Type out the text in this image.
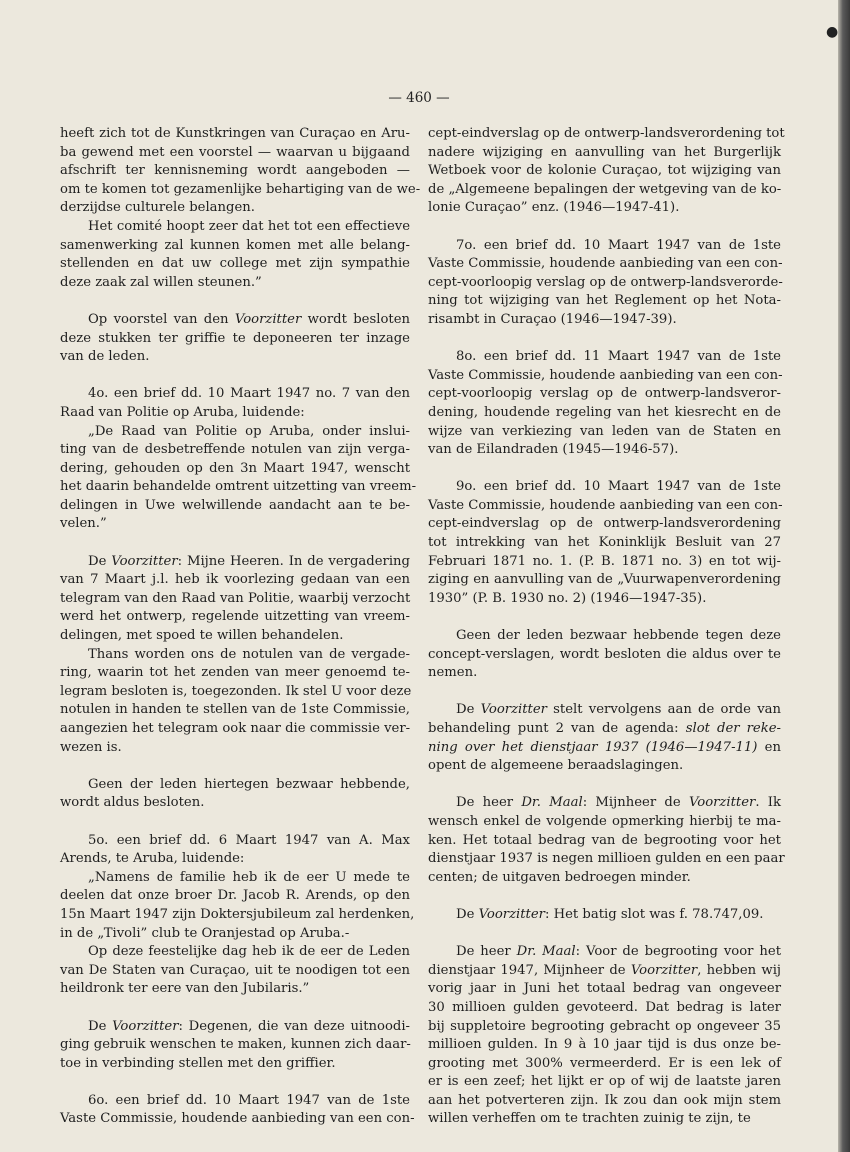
●
— 460 —

heeft zich tot de Kunstkringen van Curaçao en Aru-
ba gewend met een voorstel — waarvan u bijgaand
afschrift ter kennisneming wordt aangeboden —
om te komen tot gezamenlijke behartiging van de we-
derzijdse culturele belangen.

Het comité hoopt zeer dat het tot een effectieve
samenwerking zal kunnen komen met alle belang-
stellenden en dat uw college met zijn sympathie
deze zaak zal willen steunen.”

Op voorstel van den Voorzitter wordt besloten
deze stukken ter griffie te deponeeren ter inzage
van de leden.

4o. een brief dd. 10 Maart 1947 no. 7 van den
Raad van Politie op Aruba, luidende:

„De Raad van Politie op Aruba, onder inslui-
ting van de desbetreffende notulen van zijn verga-
dering, gehouden op den 3n Maart 1947, wenscht
het daarin behandelde omtrent uitzetting van vreem-
delingen in Uwe welwillende aandacht aan te be-
velen.”

De Voorzitter: Mijne Heeren. In de vergadering
van 7 Maart j.l. heb ik voorlezing gedaan van een
telegram van den Raad van Politie, waarbij verzocht
werd het ontwerp, regelende uitzetting van vreem-
delingen, met spoed te willen behandelen.

Thans worden ons de notulen van de vergade-
ring, waarin tot het zenden van meer genoemd te-
legram besloten is, toegezonden. Ik stel U voor deze
notulen in handen te stellen van de 1ste Commissie,
aangezien het telegram ook naar die commissie ver-
wezen is.

Geen der leden hiertegen bezwaar hebbende,
wordt aldus besloten.

5o. een brief dd. 6 Maart 1947 van A. Max
Arends, te Aruba, luidende:

„Namens de familie heb ik de eer U mede te
deelen dat onze broer Dr. Jacob R. Arends, op den
15n Maart 1947 zijn Doktersjubileum zal herdenken,
in de „Tivoli” club te Oranjestad op Aruba.-

Op deze feestelijke dag heb ik de eer de Leden
van De Staten van Curaçao, uit te noodigen tot een
heildronk ter eere van den Jubilaris.”

De Voorzitter: Degenen, die van deze uitnoodi-
ging gebruik wenschen te maken, kunnen zich daar-
toe in verbinding stellen met den griffier.

6o. een brief dd. 10 Maart 1947 van de 1ste
Vaste Commissie, houdende aanbieding van een con-

cept-eindverslag op de ontwerp-landsverordening tot
nadere wijziging en aanvulling van het Burgerlijk
Wetboek voor de kolonie Curaçao, tot wijziging van
de „Algemeene bepalingen der wetgeving van de ko-
lonie Curaçao” enz. (1946—1947-41).

7o. een brief dd. 10 Maart 1947 van de 1ste
Vaste Commissie, houdende aanbieding van een con-
cept-voorloopig verslag op de ontwerp-landsverorde-
ning tot wijziging van het Reglement op het Nota-
risambt in Curaçao (1946—1947-39).

8o. een brief dd. 11 Maart 1947 van de 1ste
Vaste Commissie, houdende aanbieding van een con-
cept-voorloopig verslag op de ontwerp-landsveror-
dening, houdende regeling van het kiesrecht en de
wijze van verkiezing van leden van de Staten en
van de Eilandraden (1945—1946-57).

9o. een brief dd. 10 Maart 1947 van de 1ste
Vaste Commissie, houdende aanbieding van een con-
cept-eindverslag op de ontwerp-landsverordening
tot intrekking van het Koninklijk Besluit van 27
Februari 1871 no. 1. (P. B. 1871 no. 3) en tot wij-
ziging en aanvulling van de „Vuurwapenverordening
1930” (P. B. 1930 no. 2) (1946—1947-35).

Geen der leden bezwaar hebbende tegen deze
concept-verslagen, wordt besloten die aldus over te
nemen.

De Voorzitter stelt vervolgens aan de orde van
behandeling punt 2 van de agenda: slot der reke-
ning over het dienstjaar 1937 (1946—1947-11) en
opent de algemeene beraadslagingen.

De heer Dr. Maal: Mijnheer de Voorzitter. Ik
wensch enkel de volgende opmerking hierbij te ma-
ken. Het totaal bedrag van de begrooting voor het
dienstjaar 1937 is negen millioen gulden en een paar
centen; de uitgaven bedroegen minder.

De Voorzitter: Het batig slot was f. 78.747,09.

De heer Dr. Maal: Voor de begrooting voor het
dienstjaar 1947, Mijnheer de Voorzitter, hebben wij
vorig jaar in Juni het totaal bedrag van ongeveer
30 millioen gulden gevoteerd. Dat bedrag is later
bij suppletoire begrooting gebracht op ongeveer 35
millioen gulden. In 9 à 10 jaar tijd is dus onze be-
grooting met 300% vermeerderd. Er is een lek of
er is een zeef; het lijkt er op of wij de laatste jaren
aan het potverteren zijn. Ik zou dan ook mijn stem
willen verheffen om te trachten zuinig te zijn, te
